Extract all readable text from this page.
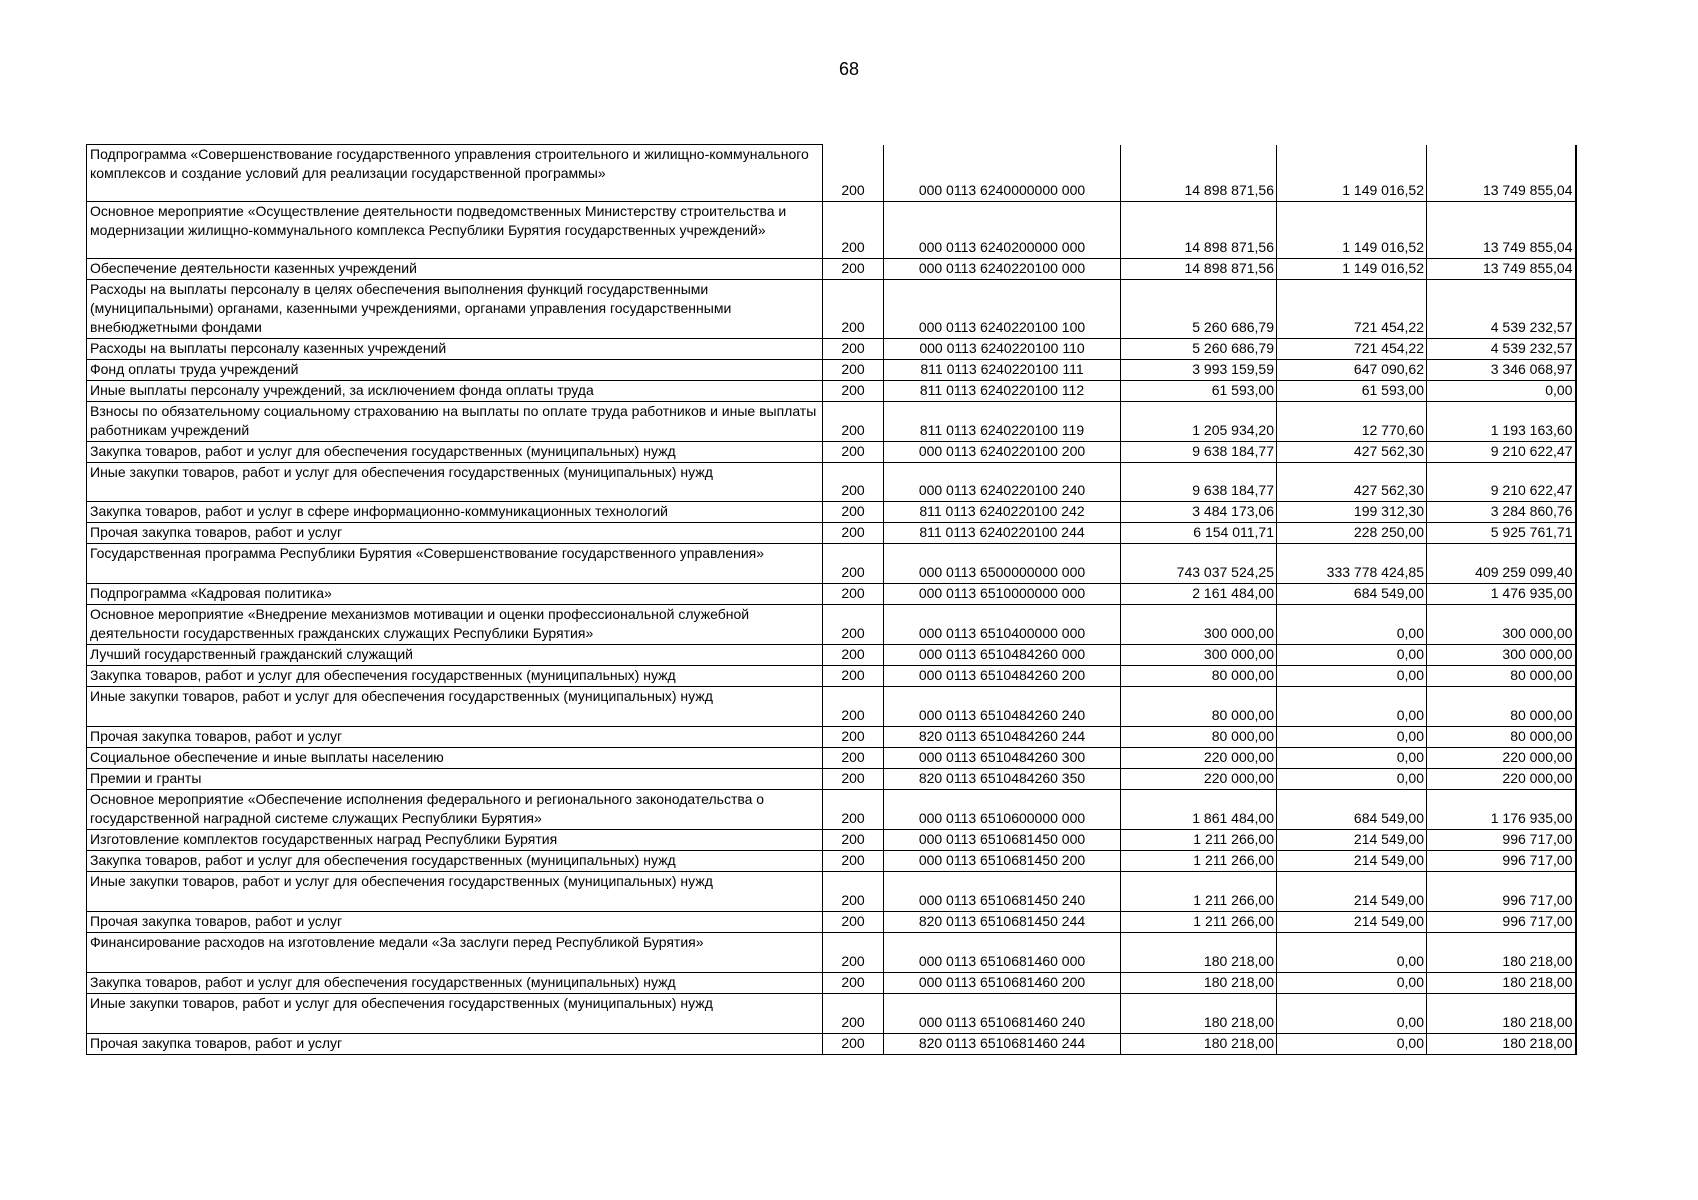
68
Подпрограмма «Совершенствование государственного управления строительного и жилищно-коммунального комплексов и создание условий для реализации государственной программы»	200	000 0113 6240000000 000	14 898 871,56	1 149 016,52	13 749 855,04
Основное мероприятие «Осуществление деятельности подведомственных Министерству строительства и модернизации жилищно-коммунального комплекса Республики Бурятия государственных учреждений»	200	000 0113 6240200000 000	14 898 871,56	1 149 016,52	13 749 855,04
Обеспечение деятельности казенных учреждений	200	000 0113 6240220100 000	14 898 871,56	1 149 016,52	13 749 855,04
Расходы на выплаты персоналу в целях обеспечения выполнения функций государственными (муниципальными) органами, казенными учреждениями, органами управления государственными внебюджетными фондами	200	000 0113 6240220100 100	5 260 686,79	721 454,22	4 539 232,57
Расходы на выплаты персоналу казенных учреждений	200	000 0113 6240220100 110	5 260 686,79	721 454,22	4 539 232,57
Фонд оплаты труда учреждений	200	811 0113 6240220100 111	3 993 159,59	647 090,62	3 346 068,97
Иные выплаты персоналу учреждений, за исключением фонда оплаты труда	200	811 0113 6240220100 112	61 593,00	61 593,00	0,00
Взносы по обязательному социальному страхованию на выплаты по оплате труда работников и иные выплаты работникам учреждений	200	811 0113 6240220100 119	1 205 934,20	12 770,60	1 193 163,60
Закупка товаров, работ и услуг для обеспечения государственных (муниципальных) нужд	200	000 0113 6240220100 200	9 638 184,77	427 562,30	9 210 622,47
Иные закупки товаров, работ и услуг для обеспечения государственных (муниципальных) нужд	200	000 0113 6240220100 240	9 638 184,77	427 562,30	9 210 622,47
Закупка товаров, работ и услуг в сфере информационно-коммуникационных технологий	200	811 0113 6240220100 242	3 484 173,06	199 312,30	3 284 860,76
Прочая закупка товаров, работ и услуг	200	811 0113 6240220100 244	6 154 011,71	228 250,00	5 925 761,71
Государственная программа Республики Бурятия «Совершенствование государственного управления»	200	000 0113 6500000000 000	743 037 524,25	333 778 424,85	409 259 099,40
Подпрограмма «Кадровая политика»	200	000 0113 6510000000 000	2 161 484,00	684 549,00	1 476 935,00
Основное мероприятие «Внедрение механизмов мотивации и оценки профессиональной служебной деятельности государственных гражданских служащих Республики Бурятия»	200	000 0113 6510400000 000	300 000,00	0,00	300 000,00
Лучший государственный гражданский служащий	200	000 0113 6510484260 000	300 000,00	0,00	300 000,00
Закупка товаров, работ и услуг для обеспечения государственных (муниципальных) нужд	200	000 0113 6510484260 200	80 000,00	0,00	80 000,00
Иные закупки товаров, работ и услуг для обеспечения государственных (муниципальных) нужд	200	000 0113 6510484260 240	80 000,00	0,00	80 000,00
Прочая закупка товаров, работ и услуг	200	820 0113 6510484260 244	80 000,00	0,00	80 000,00
Социальное обеспечение и иные выплаты населению	200	000 0113 6510484260 300	220 000,00	0,00	220 000,00
Премии и гранты	200	820 0113 6510484260 350	220 000,00	0,00	220 000,00
Основное мероприятие «Обеспечение исполнения федерального и регионального законодательства о государственной наградной системе служащих Республики Бурятия»	200	000 0113 6510600000 000	1 861 484,00	684 549,00	1 176 935,00
Изготовление комплектов государственных наград Республики Бурятия	200	000 0113 6510681450 000	1 211 266,00	214 549,00	996 717,00
Закупка товаров, работ и услуг для обеспечения государственных (муниципальных) нужд	200	000 0113 6510681450 200	1 211 266,00	214 549,00	996 717,00
Иные закупки товаров, работ и услуг для обеспечения государственных (муниципальных) нужд	200	000 0113 6510681450 240	1 211 266,00	214 549,00	996 717,00
Прочая закупка товаров, работ и услуг	200	820 0113 6510681450 244	1 211 266,00	214 549,00	996 717,00
Финансирование расходов на изготовление медали «За заслуги перед Республикой Бурятия»	200	000 0113 6510681460 000	180 218,00	0,00	180 218,00
Закупка товаров, работ и услуг для обеспечения государственных (муниципальных) нужд	200	000 0113 6510681460 200	180 218,00	0,00	180 218,00
Иные закупки товаров, работ и услуг для обеспечения государственных (муниципальных) нужд	200	000 0113 6510681460 240	180 218,00	0,00	180 218,00
Прочая закупка товаров, работ и услуг	200	820 0113 6510681460 244	180 218,00	0,00	180 218,00
